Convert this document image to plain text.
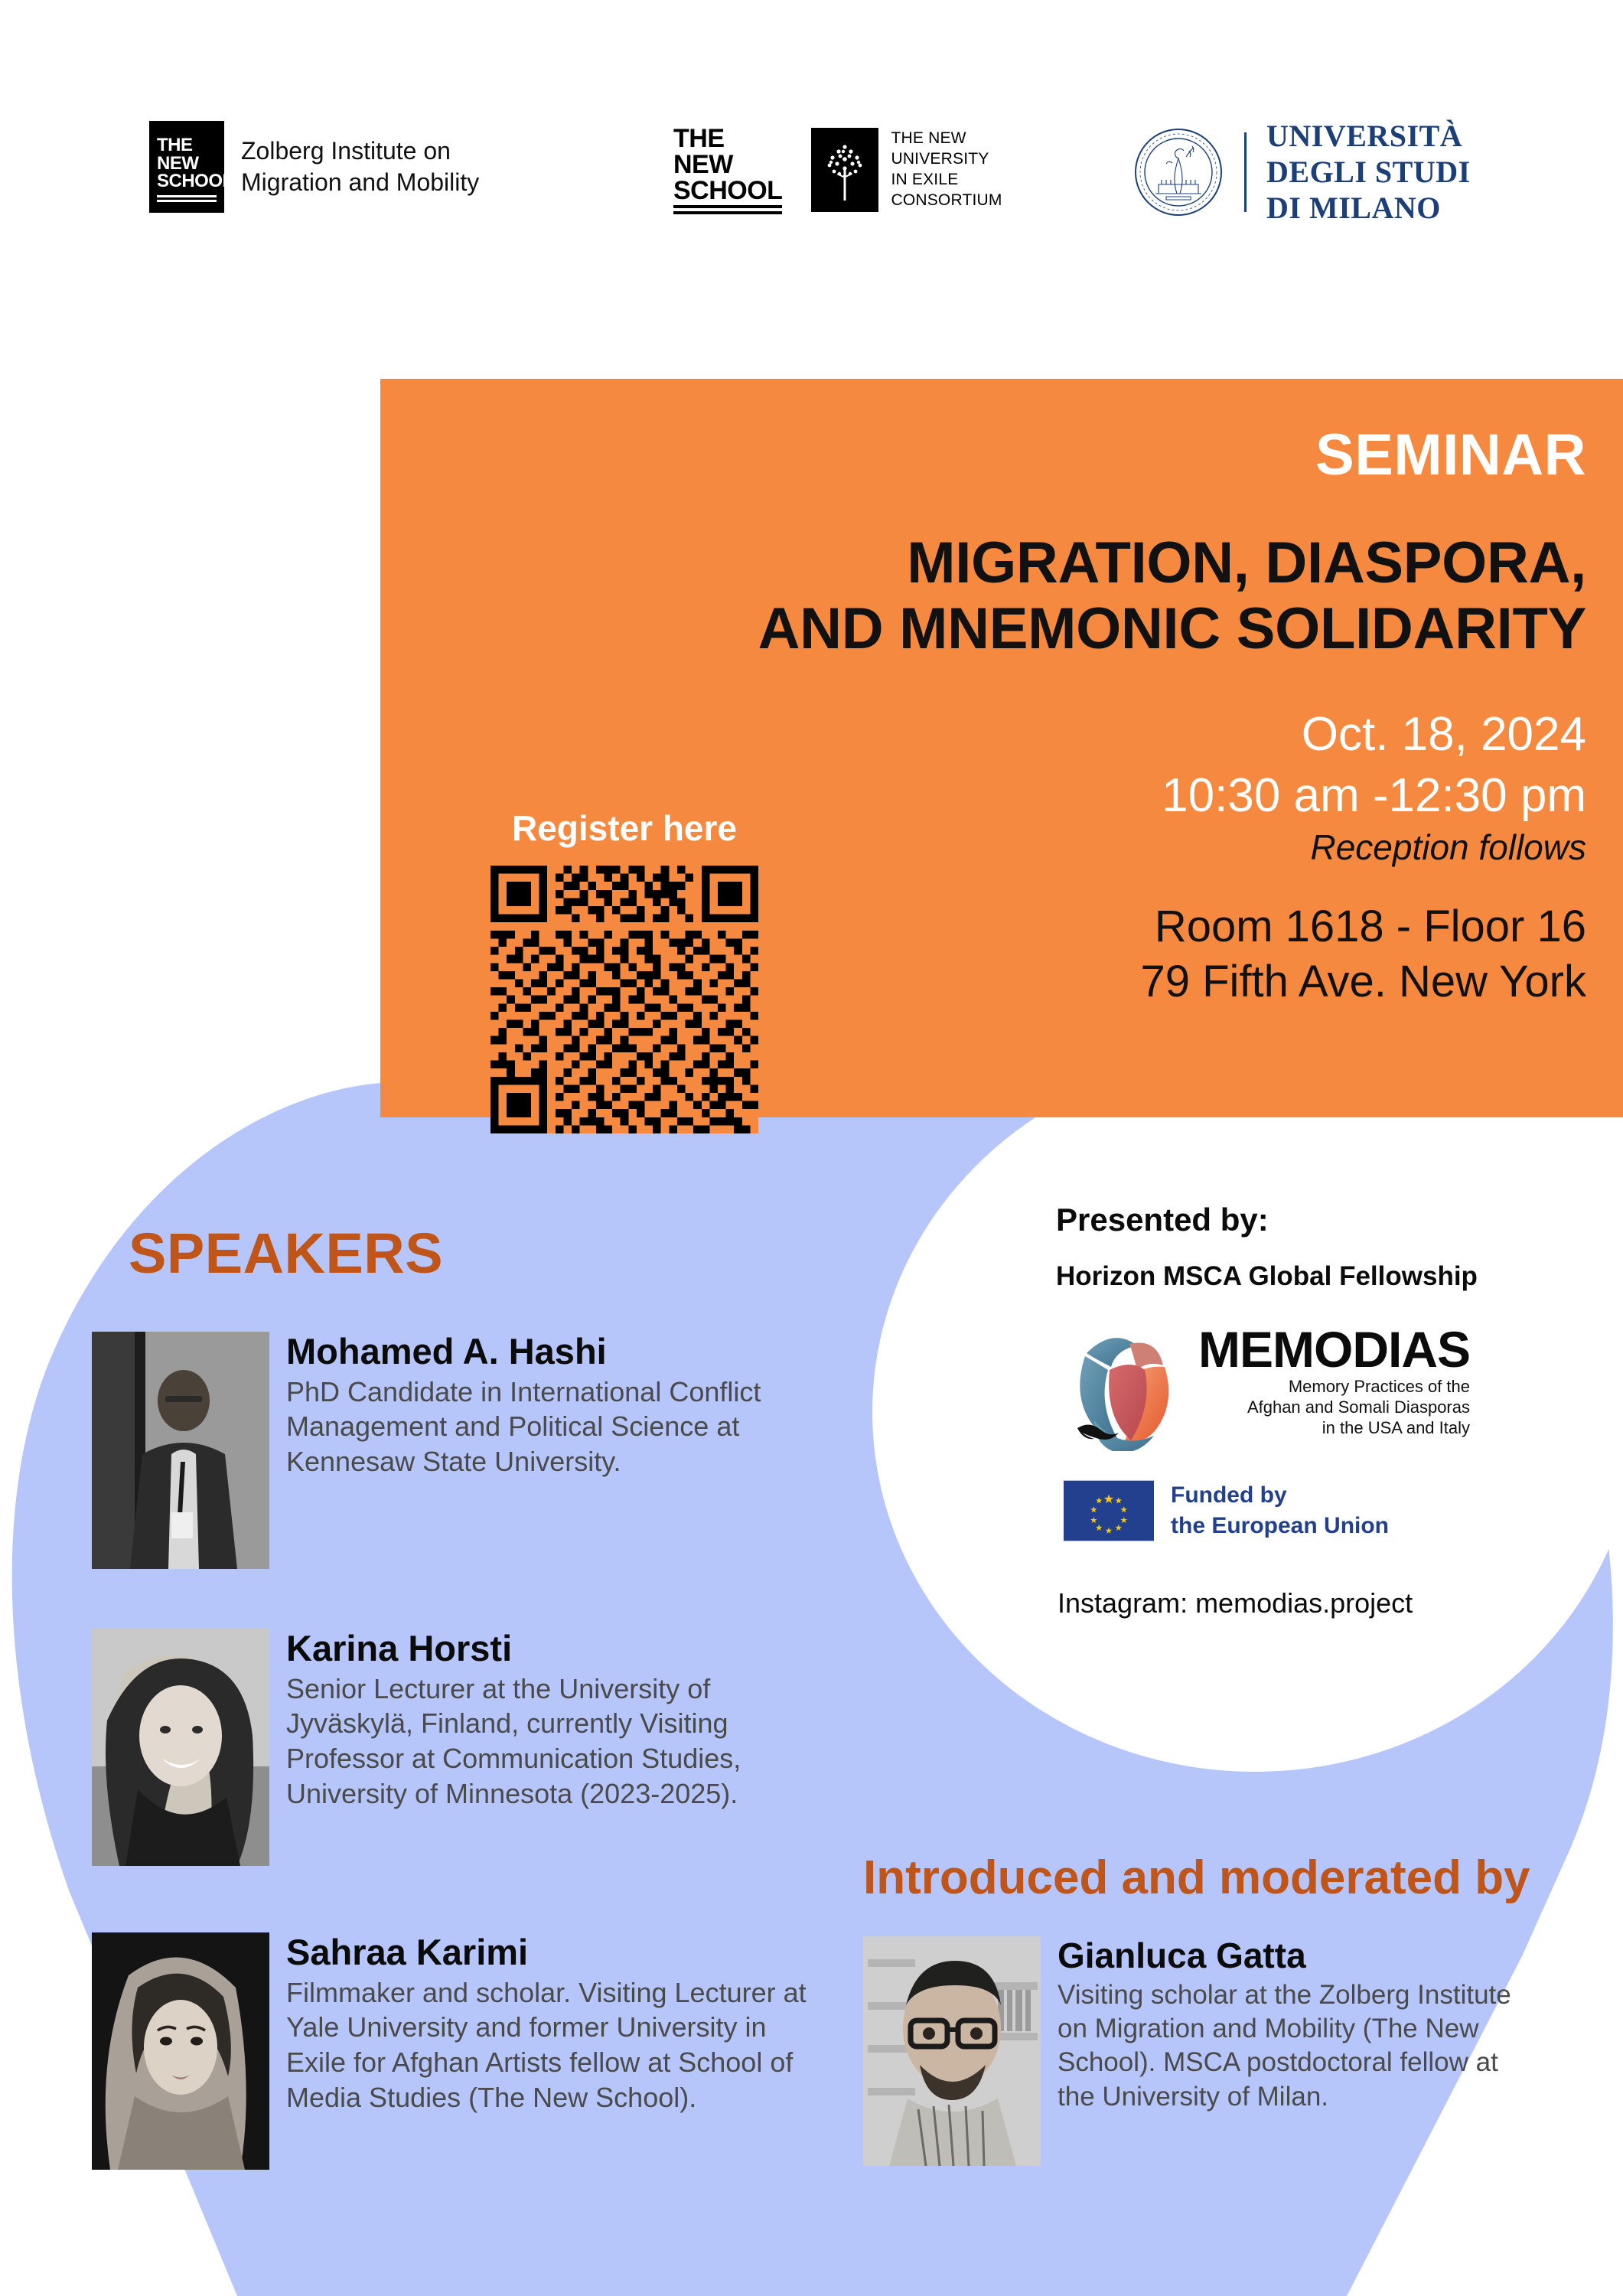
THE
NEW
SCHOOL
Zolberg Institute on
Migration and Mobility
THE
NEW
SCHOOL
THE NEW
UNIVERSITY
IN EXILE
CONSORTIUM
UNIVERSITÀ
DEGLI STUDI
DI MILANO
SEMINAR
MIGRATION, DIASPORA,
AND MNEMONIC SOLIDARITY
Oct. 18, 2024
10:30 am -12:30 pm
Reception follows
Room 1618 - Floor 16
79 Fifth Ave. New York
Register here
SPEAKERS
Mohamed A. Hashi
PhD Candidate in International Conflict Management and Political Science at Kennesaw State University.
Karina Horsti
Senior Lecturer at the University of Jyväskylä, Finland, currently Visiting Professor at Communication Studies, University of Minnesota (2023-2025).
Sahraa Karimi
Filmmaker and scholar. Visiting Lecturer at Yale University and former University in Exile for Afghan Artists fellow at School of Media Studies (The New School).
Introduced and moderated by
Gianluca Gatta
Visiting scholar at the Zolberg Institute on Migration and Mobility (The New School). MSCA postdoctoral fellow at the University of Milan.
Presented by:
Horizon MSCA Global Fellowship
MEMODIAS
Memory Practices of the
Afghan and Somali Diasporas
in the USA and Italy
Funded by
the European Union
Instagram: memodias.project
